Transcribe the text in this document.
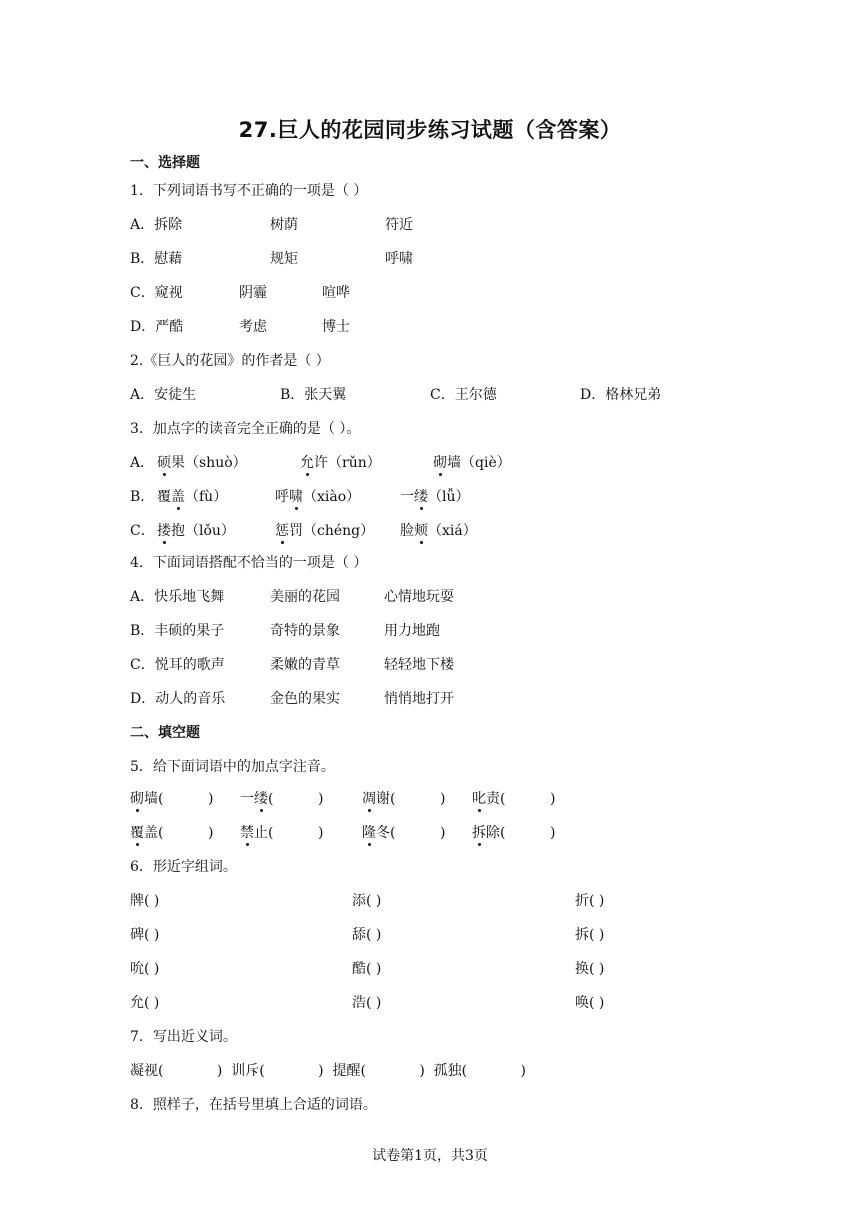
27.巨人的花园同步练习试题（含答案）
一、选择题
1．下列词语书写不正确的一项是（ ）
A．拆除	树荫	符近
B．慰藉	规矩	呼啸
C．窥视	阴霾	喧哗
D．严酷	考虑	博士
2.《巨人的花园》的作者是（ ）
A．安徒生	B．张天翼	C．王尔德	D．格林兄弟
3．加点字的读音完全正确的是（ ）。
A． 硕果（shuò）	允许（rǔn）	砌墙（qiè）
B． 覆盖（fù）	呼啸（xiào）	一缕（lǚ）
C． 搂抱（lǒu）	惩罚（chéng） 脸颊（xiá）
4．下面词语搭配不恰当的一项是（ ）
A．快乐地飞舞	美丽的花园	心情地玩耍
B．丰硕的果子	奇特的景象	用力地跑
C．悦耳的歌声	柔嫩的青草	轻轻地下楼
D．动人的音乐	金色的果实	悄悄地打开
二、填空题
5．给下面词语中的加点字注音。
砌墙(          ) 一缕(          )	凋谢(          ) 叱责(          )
覆盖(          ) 禁止(          )	隆冬(          ) 拆除(          )
6．形近字组词。
牌( )	添( )	折( )
碑( )	舔( )	拆( )
吮( )	酷( )	换( )
允( )	浩( )	唤( )
7．写出近义词。
凝视(            )  训斥(            )  提醒(            )  孤独(            )
8．照样子，在括号里填上合适的词语。
试卷第1页，共3页
